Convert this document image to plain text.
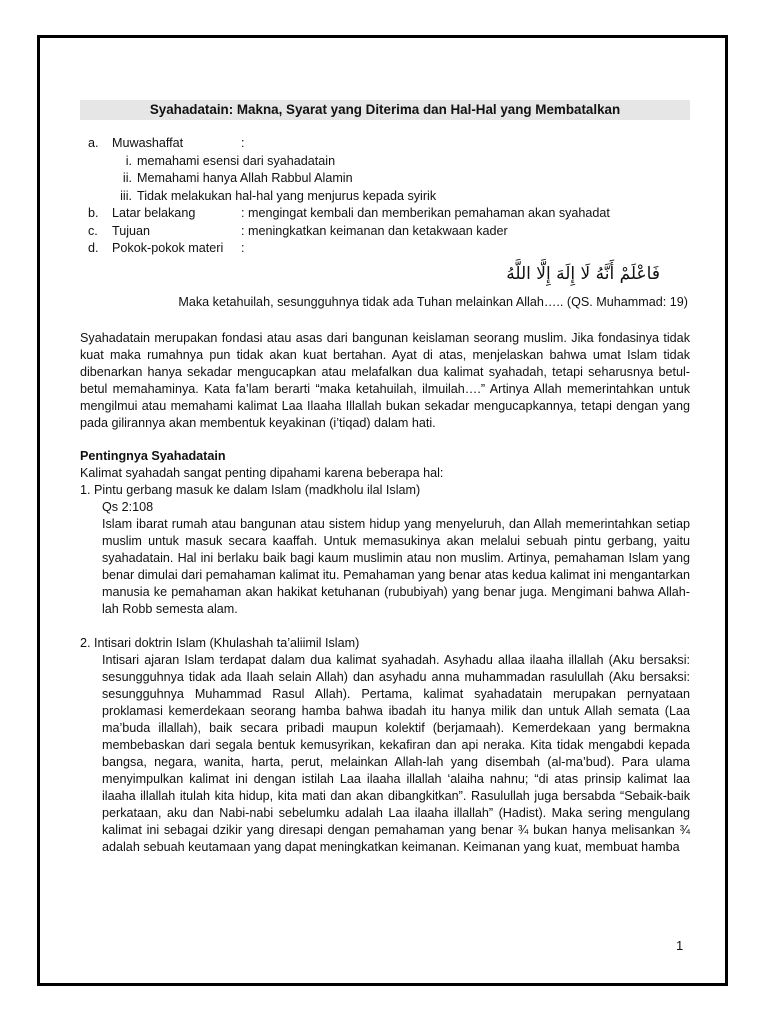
Syahadatain: Makna, Syarat yang Diterima dan Hal-Hal yang Membatalkan
a.	Muwashaffat	:
i. memahami esensi dari syahadatain
ii. Memahami hanya Allah Rabbul Alamin
iii. Tidak melakukan hal-hal yang menjurus kepada syirik
b.	Latar belakang	: mengingat kembali dan memberikan pemahaman akan syahadat
c.	Tujuan	: meningkatkan keimanan dan ketakwaan kader
d.	Pokok-pokok materi	:
فَاعْلَمْ أَنَّهُ لَا إِلَهَ إِلَّا اللَّهُ
Maka ketahuilah, sesungguhnya tidak ada Tuhan melainkan Allah….. (QS. Muhammad: 19)

Syahadatain merupakan fondasi atau asas dari bangunan keislaman seorang muslim. Jika fondasinya tidak kuat maka rumahnya pun tidak akan kuat bertahan. Ayat di atas, menjelaskan bahwa umat Islam tidak dibenarkan hanya sekadar mengucapkan atau melafalkan dua kalimat syahadah, tetapi seharusnya betul-betul memahaminya. Kata fa’lam berarti “maka ketahuilah, ilmuilah….” Artinya Allah memerintahkan untuk mengilmui atau memahami kalimat Laa Ilaaha Illallah bukan sekadar mengucapkannya, tetapi dengan yang pada gilirannya akan membentuk keyakinan (i’tiqad) dalam hati.

Pentingnya Syahadatain
Kalimat syahadah sangat penting dipahami karena beberapa hal:
1. Pintu gerbang masuk ke dalam Islam (madkholu ilal Islam)
Qs 2:108

Islam ibarat rumah atau bangunan atau sistem hidup yang menyeluruh, dan Allah memerintahkan setiap muslim untuk masuk secara kaaffah. Untuk memasukinya akan melalui sebuah pintu gerbang, yaitu syahadatain. Hal ini berlaku baik bagi kaum muslimin atau non muslim. Artinya, pemahaman Islam yang benar dimulai dari pemahaman kalimat itu. Pemahaman yang benar atas kedua kalimat ini mengantarkan manusia ke pemahaman akan hakikat ketuhanan (rububiyah) yang benar juga. Mengimani bahwa Allah-lah Robb semesta alam.

2. Intisari doktrin Islam (Khulashah ta’aliimil Islam)

Intisari ajaran Islam terdapat dalam dua kalimat syahadah. Asyhadu allaa ilaaha illallah (Aku bersaksi: sesungguhnya tidak ada Ilaah selain Allah) dan asyhadu anna muhammadan rasulullah (Aku bersaksi: sesungguhnya Muhammad Rasul Allah). Pertama, kalimat syahadatain merupakan pernyataan proklamasi kemerdekaan seorang hamba bahwa ibadah itu hanya milik dan untuk Allah semata (Laa ma’buda illallah), baik secara pribadi maupun kolektif (berjamaah). Kemerdekaan yang bermakna membebaskan dari segala bentuk kemusyrikan, kekafiran dan api neraka. Kita tidak mengabdi kepada bangsa, negara, wanita, harta, perut, melainkan Allah-lah yang disembah (al-ma’bud). Para ulama menyimpulkan kalimat ini dengan istilah Laa ilaaha illallah ‘alaiha nahnu; “di atas prinsip kalimat laa ilaaha illallah itulah kita hidup, kita mati dan akan dibangkitkan”. Rasulullah juga bersabda “Sebaik-baik perkataan, aku dan Nabi-nabi sebelumku adalah Laa ilaaha illallah” (Hadist). Maka sering mengulang kalimat ini sebagai dzikir yang diresapi dengan pemahaman yang benar ¾ bukan hanya melisankan ¾ adalah sebuah keutamaan yang dapat meningkatkan keimanan. Keimanan yang kuat, membuat hamba

1
